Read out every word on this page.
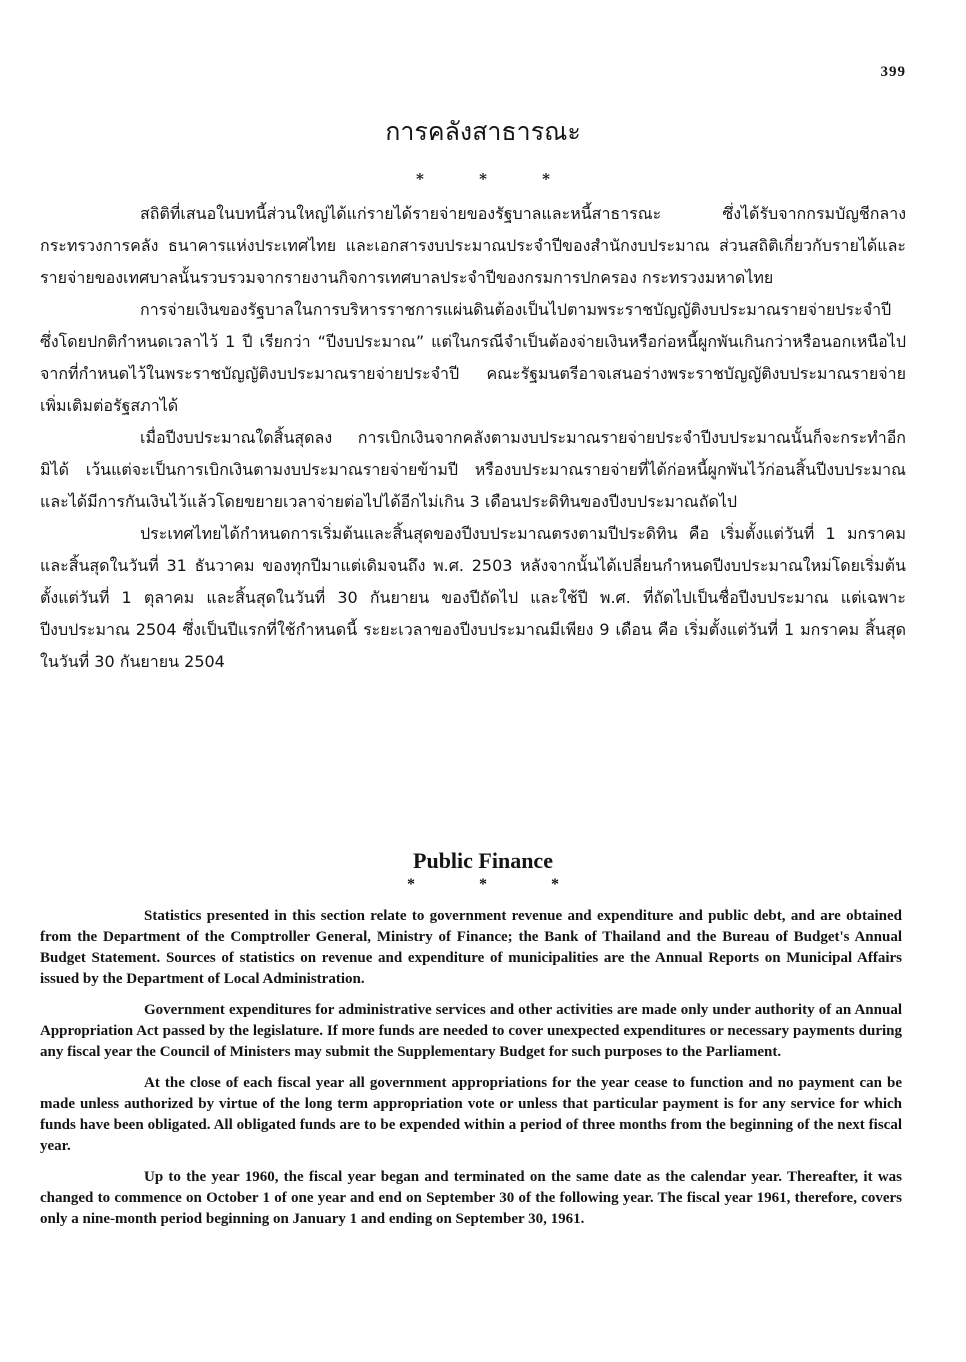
399
การคลังสาธารณะ
* * *

สถิติที่เสนอในบทนี้ส่วนใหญ่ได้แก่รายได้รายจ่ายของรัฐบาลและหนี้สาธารณะ ซึ่งได้รับจากกรมบัญชีกลาง กระทรวงการคลัง ธนาคารแห่งประเทศไทย และเอกสารงบประมาณประจำปีของสำนักงบประมาณ ส่วนสถิติเกี่ยวกับรายได้และรายจ่ายของเทศบาลนั้นรวบรวมจากรายงานกิจการเทศบาลประจำปีของกรมการปกครอง กระทรวงมหาดไทย

การจ่ายเงินของรัฐบาลในการบริหารราชการแผ่นดินต้องเป็นไปตามพระราชบัญญัติงบประมาณรายจ่ายประจำปี ซึ่งโดยปกติกำหนดเวลาไว้ 1 ปี เรียกว่า “ปีงบประมาณ” แต่ในกรณีจำเป็นต้องจ่ายเงินหรือก่อหนี้ผูกพันเกินกว่าหรือนอกเหนือไปจากที่กำหนดไว้ในพระราชบัญญัติงบประมาณรายจ่ายประจำปี คณะรัฐมนตรีอาจเสนอร่างพระราชบัญญัติงบประมาณรายจ่ายเพิ่มเติมต่อรัฐสภาได้

เมื่อปีงบประมาณใดสิ้นสุดลง การเบิกเงินจากคลังตามงบประมาณรายจ่ายประจำปีงบประมาณนั้นก็จะกระทำอีกมิได้ เว้นแต่จะเป็นการเบิกเงินตามงบประมาณรายจ่ายข้ามปี หรืองบประมาณรายจ่ายที่ได้ก่อหนี้ผูกพันไว้ก่อนสิ้นปีงบประมาณ และได้มีการกันเงินไว้แล้วโดยขยายเวลาจ่ายต่อไปได้อีกไม่เกิน 3 เดือนประดิทินของปีงบประมาณถัดไป

ประเทศไทยได้กำหนดการเริ่มต้นและสิ้นสุดของปีงบประมาณตรงตามปีประดิทิน คือ เริ่มตั้งแต่วันที่ 1 มกราคม และสิ้นสุดในวันที่ 31 ธันวาคม ของทุกปีมาแต่เดิมจนถึง พ.ศ. 2503 หลังจากนั้นได้เปลี่ยนกำหนดปีงบประมาณใหม่โดยเริ่มต้นตั้งแต่วันที่ 1 ตุลาคม และสิ้นสุดในวันที่ 30 กันยายน ของปีถัดไป และใช้ปี พ.ศ. ที่ถัดไปเป็นชื่อปีงบประมาณ แต่เฉพาะปีงบประมาณ 2504 ซึ่งเป็นปีแรกที่ใช้กำหนดนี้ ระยะเวลาของปีงบประมาณมีเพียง 9 เดือน คือ เริ่มตั้งแต่วันที่ 1 มกราคม สิ้นสุดในวันที่ 30 กันยายน 2504

Public Finance
* * *

Statistics presented in this section relate to government revenue and expenditure and public debt, and are obtained from the Department of the Comptroller General, Ministry of Finance; the Bank of Thailand and the Bureau of Budget's Annual Budget Statement. Sources of statistics on revenue and expenditure of municipalities are the Annual Reports on Municipal Affairs issued by the Department of Local Administration.

Government expenditures for administrative services and other activities are made only under authority of an Annual Appropriation Act passed by the legislature. If more funds are needed to cover unexpected expenditures or necessary payments during any fiscal year the Council of Ministers may submit the Supplementary Budget for such purposes to the Parliament.

At the close of each fiscal year all government appropriations for the year cease to function and no payment can be made unless authorized by virtue of the long term appropriation vote or unless that particular payment is for any service for which funds have been obligated. All obligated funds are to be expended within a period of three months from the beginning of the next fiscal year.

Up to the year 1960, the fiscal year began and terminated on the same date as the calendar year. Thereafter, it was changed to commence on October 1 of one year and end on September 30 of the following year. The fiscal year 1961, therefore, covers only a nine-month period beginning on January 1 and ending on September 30, 1961.
